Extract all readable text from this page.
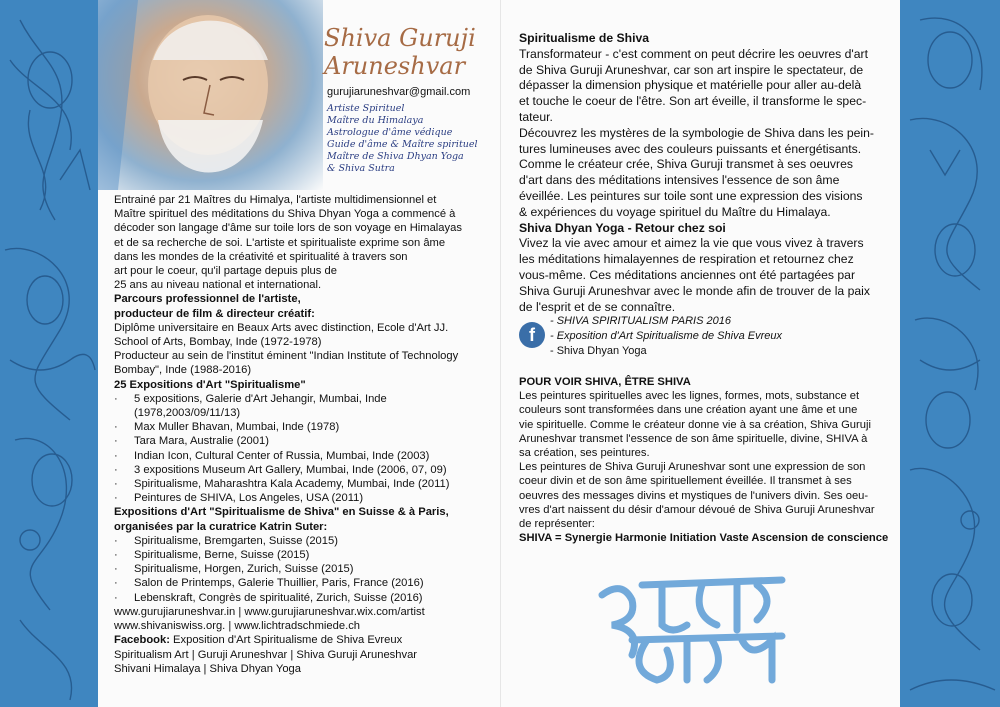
Shiva Guruji
Aruneshvar
gurujiaruneshvar@gmail.com
Artiste Spirituel
Maître du Himalaya
Astrologue d'âme védique
Guide d'âme & Maître spirituel
Maître de Shiva Dhyan Yoga
& Shiva Sutra
Entrainé par 21 Maîtres du Himalya, l'artiste multidimensionnel et
Maître spirituel des méditations du Shiva Dhyan Yoga a commencé à
décoder son langage d'âme sur toile lors de son voyage en Himalayas
et de sa recherche de soi. L'artiste et spiritualiste exprime son âme
dans les mondes de la créativité et spiritualité à travers son
art pour le coeur, qu'il partage depuis plus de
25 ans au niveau national et international.
Parcours professionnel de l'artiste,
producteur de film & directeur créatif:
Diplôme universitaire en Beaux Arts avec distinction, Ecole d'Art JJ.
School of Arts, Bombay, Inde (1972-1978)
Producteur au sein de l'institut éminent "Indian Institute of Technology
Bombay", Inde (1988-2016)
25 Expositions d'Art "Spiritualisme"
· 5 expositions, Galerie d'Art Jehangir, Mumbai, Inde
(1978,2003/09/11/13)
· Max Muller Bhavan, Mumbai, Inde (1978)
· Tara Mara, Australie (2001)
· Indian Icon, Cultural Center of Russia, Mumbai, Inde (2003)
· 3 expositions Museum Art Gallery, Mumbai, Inde (2006, 07, 09)
· Spiritualisme, Maharashtra Kala Academy, Mumbai, Inde (2011)
· Peintures de SHIVA, Los Angeles, USA (2011)
Expositions d'Art "Spiritualisme de Shiva" en Suisse & à Paris,
organisées par la curatrice Katrin Suter:
· Spiritualisme, Bremgarten, Suisse (2015)
· Spiritualisme, Berne, Suisse (2015)
· Spiritualisme, Horgen, Zurich, Suisse (2015)
· Salon de Printemps, Galerie Thuillier, Paris, France (2016)
· Lebenskraft, Congrès de spiritualité, Zurich, Suisse (2016)
www.gurujiaruneshvar.in | www.gurujiaruneshvar.wix.com/artist
www.shivaniswiss.org. | www.lichtradschmiede.ch
Facebook: Exposition d'Art Spiritualisme de Shiva Evreux
Spiritualism Art | Guruji Aruneshvar | Shiva Guruji Aruneshvar
Shivani Himalaya | Shiva Dhyan Yoga
Spiritualisme de Shiva
Transformateur - c'est comment on peut décrire les oeuvres d'art
de Shiva Guruji Aruneshvar, car son art inspire le spectateur, de
dépasser la dimension physique et matérielle pour aller au-delà
et touche le coeur de l'être. Son art éveille, il transforme le spec-
tateur.
Découvrez les mystères de la symbologie de Shiva dans les pein-
tures lumineuses avec des couleurs puissants et énergétisants.
Comme le créateur crée, Shiva Guruji transmet à ses oeuvres
d'art dans des méditations intensives l'essence de son âme
éveillée. Les peintures sur toile sont une expression des visions
& expériences du voyage spirituel du Maître du Himalaya.
Shiva Dhyan Yoga - Retour chez soi
Vivez la vie avec amour et aimez la vie que vous vivez à travers
les méditations himalayennes de respiration et retournez chez
vous-même. Ces méditations anciennes ont été partagées par
Shiva Guruji Aruneshvar avec le monde afin de trouver de la paix
de l'esprit et de se connaître.
f
- SHIVA SPIRITUALISM PARIS 2016
- Exposition d'Art Spiritualisme de Shiva Evreux
- Shiva Dhyan Yoga
POUR VOIR SHIVA, ÊTRE SHIVA
Les peintures spirituelles avec les lignes, formes, mots, substance et
couleurs sont transformées dans une création ayant une âme et une
vie spirituelle. Comme le créateur donne vie à sa création, Shiva Guruji
Aruneshvar transmet l'essence de son âme spirituelle, divine, SHIVA à
sa création, ses peintures.
Les peintures de Shiva Guruji Aruneshvar sont une expression de son
coeur divin et de son âme spirituellement éveillée. Il transmet à ses
oeuvres des messages divins et mystiques de l'univers divin. Ses oeu-
vres d'art naissent du désir d'amour dévoué de Shiva Guruji Aruneshvar
de représenter:
SHIVA = Synergie Harmonie Initiation Vaste Ascension de conscience
